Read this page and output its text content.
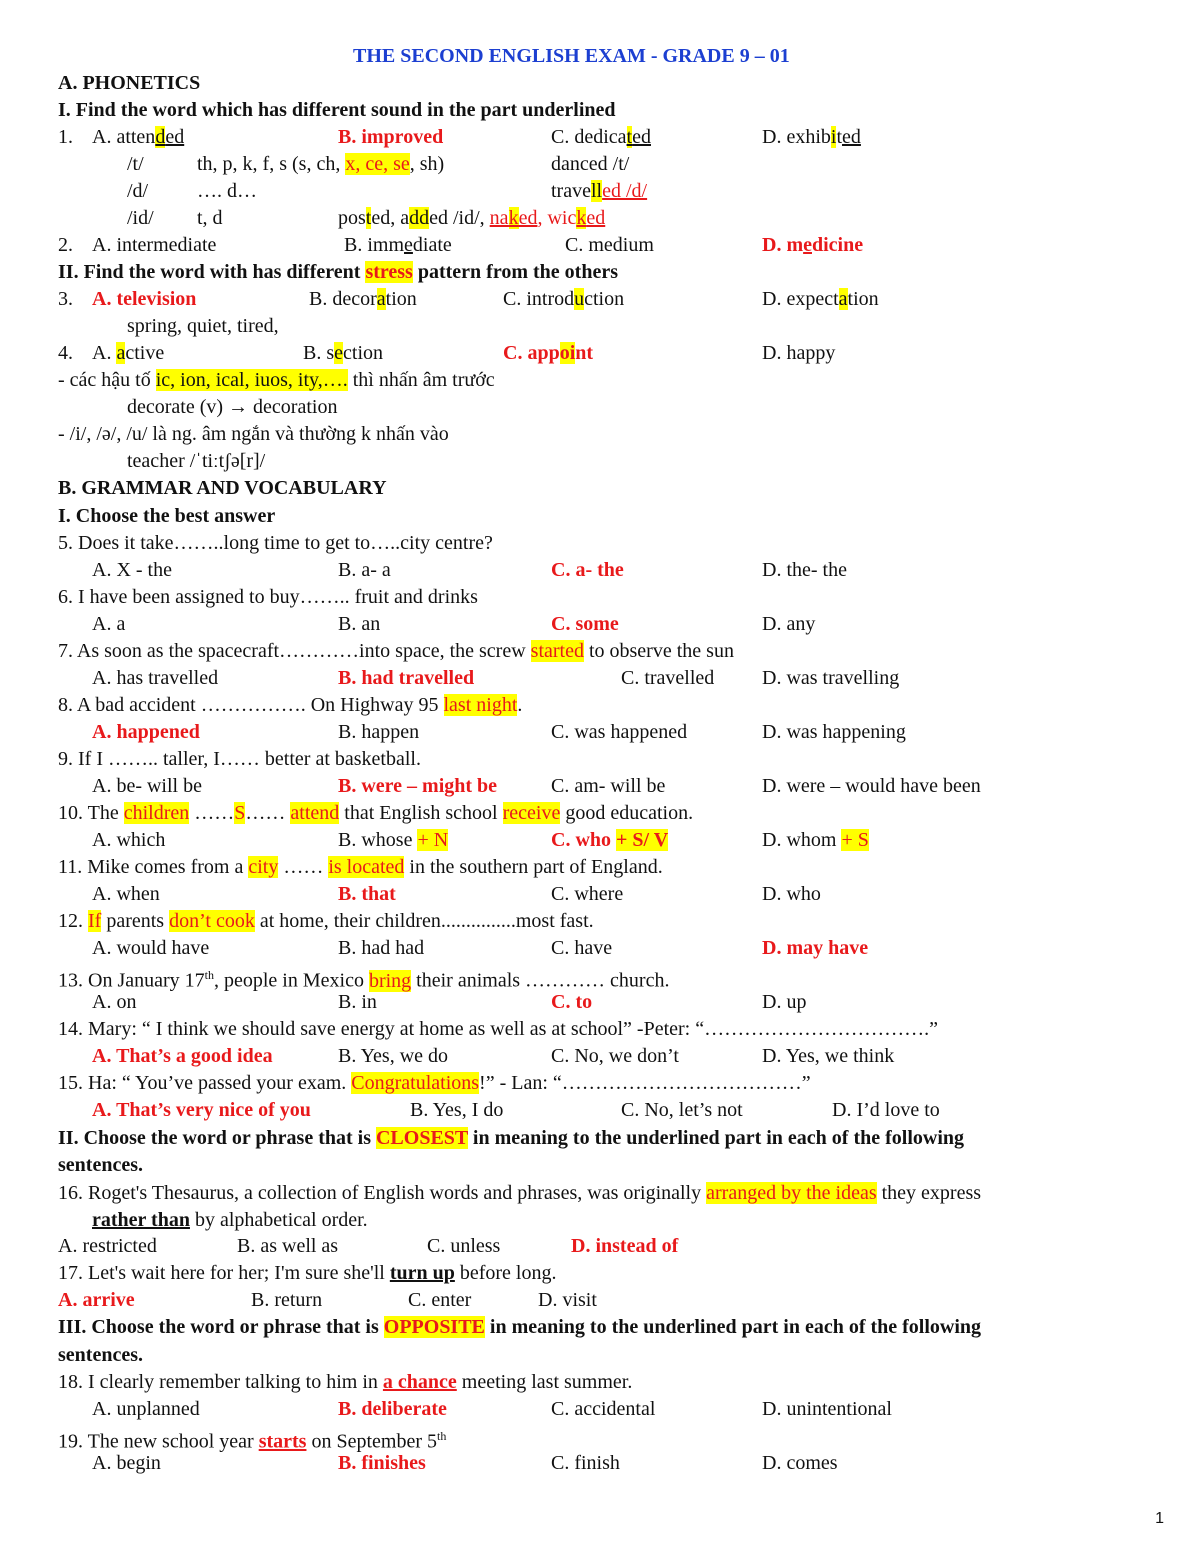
THE SECOND ENGLISH EXAM - GRADE 9 – 01
A. PHONETICS
I. Find the word which has different sound in the part underlined
1. A. attended	B. improved	C. dedicated	D. exhibited
/t/	th, p, k, f, s (s, ch, x, ce, se, sh)	danced /t/
/d/ …. d…	travelled /d/
/id/ t, d	posted, added /id/, naked, wicked
2. A. intermediate	B. immediate	C. medium	D. medicine
II. Find the word with has different stress pattern from the others
3. A. television	B. decoration	C. introduction	D. expectation
spring, quiet, tired,
4. A. active	B. section	C. appoint	D. happy
- các hậu tố ic, ion, ical, iuos, ity,…. thì nhấn âm trước
decorate (v) → decoration
- /i/, /ə/, /u/ là ng. âm ngắn và thường k nhấn vào
teacher /ˈtiːtʃə[r]/
B. GRAMMAR AND VOCABULARY
I. Choose the best answer
5. Does it take……..long time to get to…..city centre?
A. X - the	B. a- a	C. a- the	D. the- the
6. I have been assigned to buy…….. fruit and drinks
A. a	B. an	C. some	D. any
7. As soon as the spacecraft…………into space, the screw started to observe the sun
A. has travelled	B. had travelled	C. travelled D. was travelling
8. A bad accident ……………. On Highway 95 last night.
A. happened	B. happen	C. was happened	D. was happening
9. If I …….. taller, I…… better at basketball.
A. be- will be	B. were – might be	C. am- will be	D. were – would have been
10. The children ……S…… attend that English school receive good education.
A. which	B. whose + N	C. who + S/ V	D. whom + S
11. Mike comes from a city …… is located in the southern part of England.
A. when	B. that	C. where	D. who
12. If parents don’t cook at home, their children...............most fast.
A. would have	B. had had	C. have	D. may have
13. On January 17th, people in Mexico bring their animals ………… church.
A. on	B. in	C. to	D. up
14. Mary: “ I think we should save energy at home as well as at school” -Peter: “…………………………….”
A. That’s a good idea	B. Yes, we do	C. No, we don’t	D. Yes, we think
15. Ha: “ You’ve passed your exam. Congratulations!” - Lan: “………………………………”
A. That’s very nice of you	B. Yes, I do	C. No, let’s not	D. I’d love to
II. Choose the word or phrase that is CLOSEST in meaning to the underlined part in each of the following
sentences.
16. Roget's Thesaurus, a collection of English words and phrases, was originally arranged by the ideas they express
rather than by alphabetical order.
A. restricted	B. as well as	C. unless	D. instead of
17. Let's wait here for her; I'm sure she'll turn up before long.
A. arrive	B. return	C. enter	D. visit
III. Choose the word or phrase that is OPPOSITE in meaning to the underlined part in each of the following
sentences.
18. I clearly remember talking to him in a chance meeting last summer.
A. unplanned	B. deliberate	C. accidental	D. unintentional
19. The new school year starts on September 5th
A. begin	B. finishes	C. finish	D. comes
1
